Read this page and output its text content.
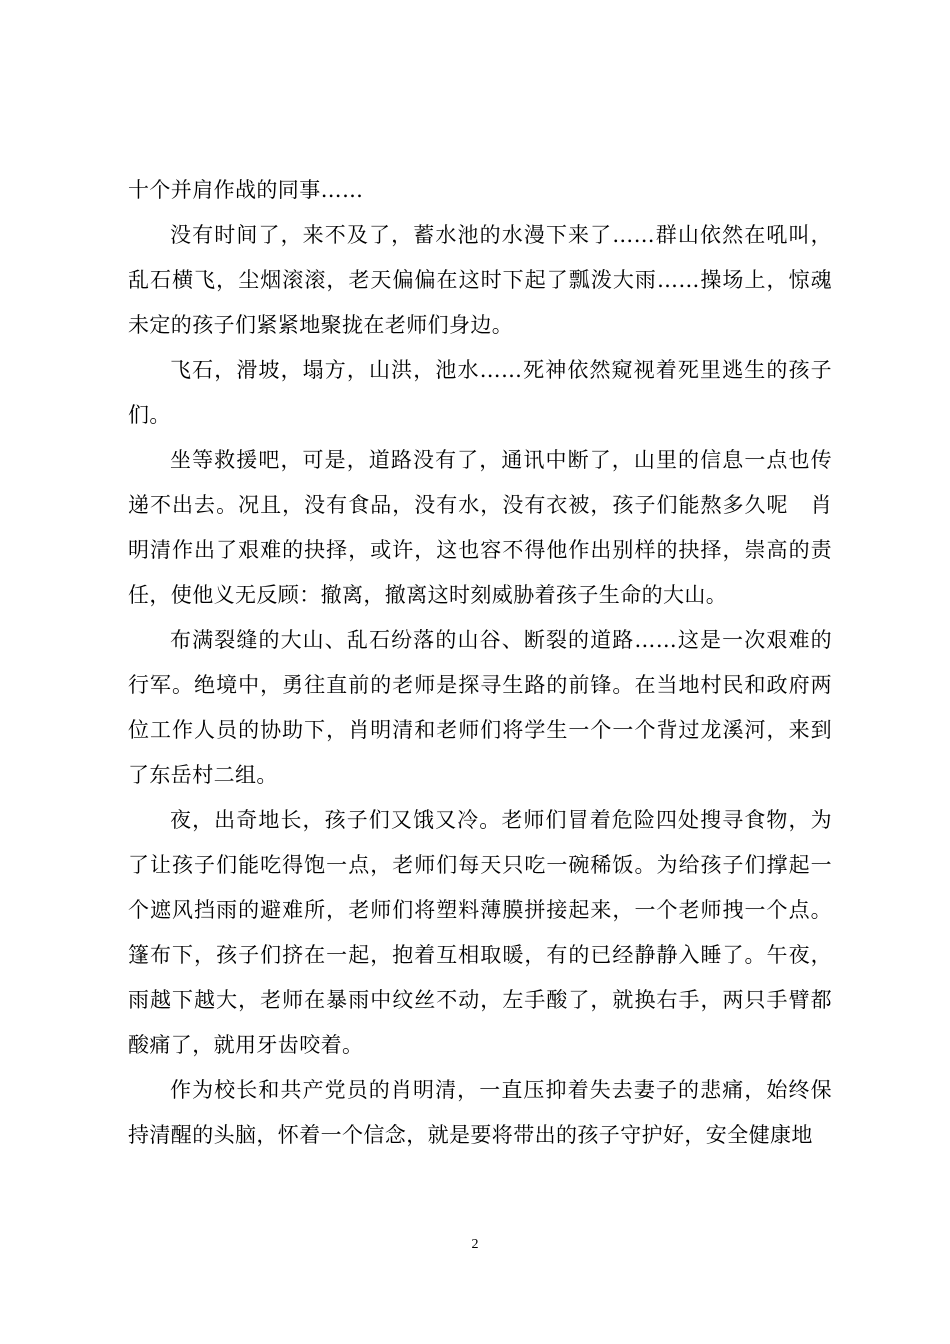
十个并肩作战的同事……

没有时间了，来不及了，蓄水池的水漫下来了……群山依然在吼叫，乱石横飞，尘烟滚滚，老天偏偏在这时下起了瓢泼大雨……操场上，惊魂未定的孩子们紧紧地聚拢在老师们身边。

飞石，滑坡，塌方，山洪，池水……死神依然窥视着死里逃生的孩子们。

坐等救援吧，可是，道路没有了，通讯中断了，山里的信息一点也传递不出去。况且，没有食品，没有水，没有衣被，孩子们能熬多久呢　肖明清作出了艰难的抉择，或许，这也容不得他作出别样的抉择，崇高的责任，使他义无反顾：撤离，撤离这时刻威胁着孩子生命的大山。

布满裂缝的大山、乱石纷落的山谷、断裂的道路……这是一次艰难的行军。绝境中，勇往直前的老师是探寻生路的前锋。在当地村民和政府两位工作人员的协助下，肖明清和老师们将学生一个一个背过龙溪河，来到了东岳村二组。

夜，出奇地长，孩子们又饿又冷。老师们冒着危险四处搜寻食物，为了让孩子们能吃得饱一点，老师们每天只吃一碗稀饭。为给孩子们撑起一个遮风挡雨的避难所，老师们将塑料薄膜拼接起来，一个老师拽一个点。篷布下，孩子们挤在一起，抱着互相取暖，有的已经静静入睡了。午夜，雨越下越大，老师在暴雨中纹丝不动，左手酸了，就换右手，两只手臂都酸痛了，就用牙齿咬着。

作为校长和共产党员的肖明清，一直压抑着失去妻子的悲痛，始终保持清醒的头脑，怀着一个信念，就是要将带出的孩子守护好，安全健康地

2
